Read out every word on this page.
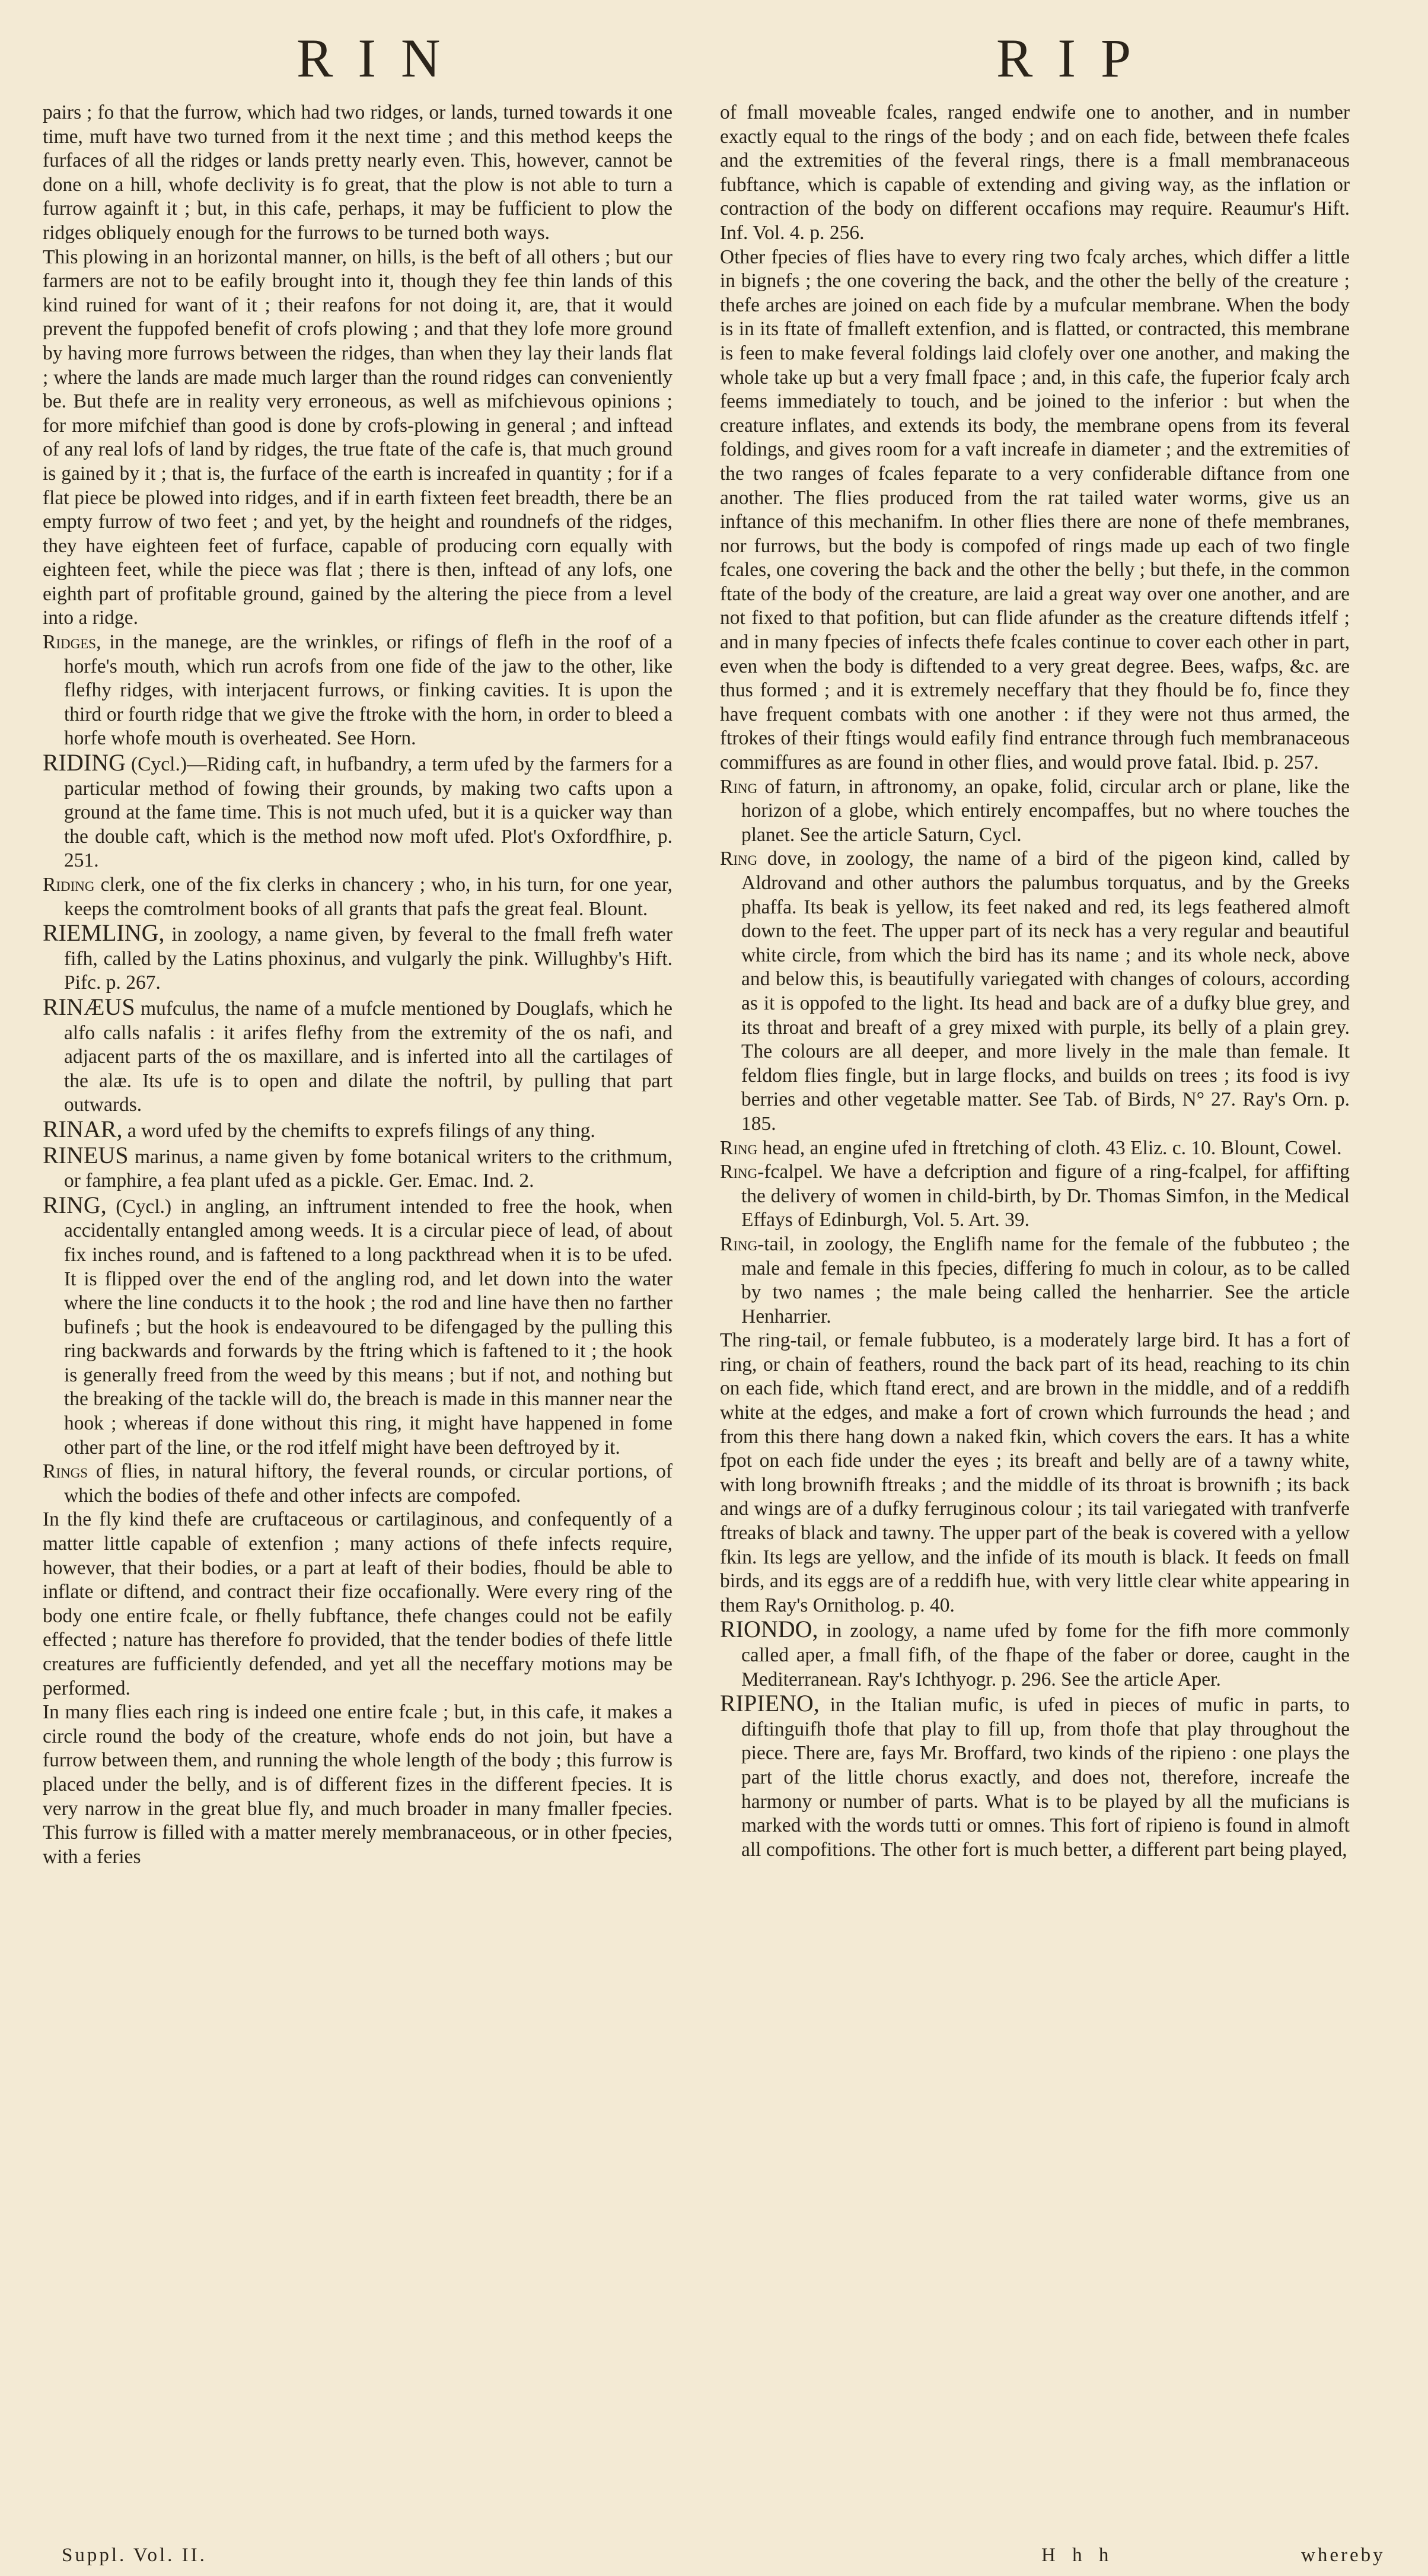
RIN	RIP

pairs ; fo that the furrow, which had two ridges, or lands, turned towards it one time, muft have two turned from it the next time ; and this method keeps the furfaces of all the ridges or lands pretty nearly even. This, however, cannot be done on a hill, whofe declivity is fo great, that the plow is not able to turn a furrow againft it ; but, in this cafe, perhaps, it may be fufficient to plow the ridges obliquely enough for the furrows to be turned both ways.

This plowing in an horizontal manner, on hills, is the beft of all others ; but our farmers are not to be eafily brought into it, though they fee thin lands of this kind ruined for want of it ; their reafons for not doing it, are, that it would prevent the fuppofed benefit of crofs plowing ; and that they lofe more ground by having more furrows between the ridges, than when they lay their lands flat ; where the lands are made much larger than the round ridges can conveniently be. But thefe are in reality very erroneous, as well as mifchievous opinions ; for more mifchief than good is done by crofs-plowing in general ; and inftead of any real lofs of land by ridges, the true ftate of the cafe is, that much ground is gained by it ; that is, the furface of the earth is increafed in quantity ; for if a flat piece be plowed into ridges, and if in earth fixteen feet breadth, there be an empty furrow of two feet ; and yet, by the height and roundnefs of the ridges, they have eighteen feet of furface, capable of producing corn equally with eighteen feet, while the piece was flat ; there is then, inftead of any lofs, one eighth part of profitable ground, gained by the altering the piece from a level into a ridge.

Ridges, in the manege, are the wrinkles, or rifings of flefh in the roof of a horfe's mouth, which run acrofs from one fide of the jaw to the other, like flefhy ridges, with interjacent furrows, or finking cavities. It is upon the third or fourth ridge that we give the ftroke with the horn, in order to bleed a horfe whofe mouth is overheated. See Horn.

RIDING (Cycl.)—Riding caft, in hufbandry, a term ufed by the farmers for a particular method of fowing their grounds, by making two cafts upon a ground at the fame time. This is not much ufed, but it is a quicker way than the double caft, which is the method now moft ufed. Plot's Oxfordfhire, p. 251.

Riding clerk, one of the fix clerks in chancery ; who, in his turn, for one year, keeps the comtrolment books of all grants that pafs the great feal. Blount.

RIEMLING, in zoology, a name given, by feveral to the fmall frefh water fifh, called by the Latins phoxinus, and vulgarly the pink. Willughby's Hift. Pifc. p. 267.

RINÆUS mufculus, the name of a mufcle mentioned by Douglafs, which he alfo calls nafalis : it arifes flefhy from the extremity of the os nafi, and adjacent parts of the os maxillare, and is inferted into all the cartilages of the alæ. Its ufe is to open and dilate the noftril, by pulling that part outwards.

RINAR, a word ufed by the chemifts to exprefs filings of any thing.

RINEUS marinus, a name given by fome botanical writers to the crithmum, or famphire, a fea plant ufed as a pickle. Ger. Emac. Ind. 2.

RING, (Cycl.) in angling, an inftrument intended to free the hook, when accidentally entangled among weeds. It is a circular piece of lead, of about fix inches round, and is faftened to a long packthread when it is to be ufed. It is flipped over the end of the angling rod, and let down into the water where the line conducts it to the hook ; the rod and line have then no farther bufinefs ; but the hook is endeavoured to be difengaged by the pulling this ring backwards and forwards by the ftring which is faftened to it ; the hook is generally freed from the weed by this means ; but if not, and nothing but the breaking of the tackle will do, the breach is made in this manner near the hook ; whereas if done without this ring, it might have happened in fome other part of the line, or the rod itfelf might have been deftroyed by it.

Rings of flies, in natural hiftory, the feveral rounds, or circular portions, of which the bodies of thefe and other infects are compofed.

In the fly kind thefe are cruftaceous or cartilaginous, and confequently of a matter little capable of extenfion ; many actions of thefe infects require, however, that their bodies, or a part at leaft of their bodies, fhould be able to inflate or diftend, and contract their fize occafionally. Were every ring of the body one entire fcale, or fhelly fubftance, thefe changes could not be eafily effected ; nature has therefore fo provided, that the tender bodies of thefe little creatures are fufficiently defended, and yet all the neceffary motions may be performed.

In many flies each ring is indeed one entire fcale ; but, in this cafe, it makes a circle round the body of the creature, whofe ends do not join, but have a furrow between them, and running the whole length of the body ; this furrow is placed under the belly, and is of different fizes in the different fpecies. It is very narrow in the great blue fly, and much broader in many fmaller fpecies. This furrow is filled with a matter merely membranaceous, or in other fpecies, with a feries

of fmall moveable fcales, ranged endwife one to another, and in number exactly equal to the rings of the body ; and on each fide, between thefe fcales and the extremities of the feveral rings, there is a fmall membranaceous fubftance, which is capable of extending and giving way, as the inflation or contraction of the body on different occafions may require. Reaumur's Hift. Inf. Vol. 4. p. 256.

Other fpecies of flies have to every ring two fcaly arches, which differ a little in bignefs ; the one covering the back, and the other the belly of the creature ; thefe arches are joined on each fide by a mufcular membrane. When the body is in its ftate of fmalleft extenfion, and is flatted, or contracted, this membrane is feen to make feveral foldings laid clofely over one another, and making the whole take up but a very fmall fpace ; and, in this cafe, the fuperior fcaly arch feems immediately to touch, and be joined to the inferior : but when the creature inflates, and extends its body, the membrane opens from its feveral foldings, and gives room for a vaft increafe in diameter ; and the extremities of the two ranges of fcales feparate to a very confiderable diftance from one another. The flies produced from the rat tailed water worms, give us an inftance of this mechanifm. In other flies there are none of thefe membranes, nor furrows, but the body is compofed of rings made up each of two fingle fcales, one covering the back and the other the belly ; but thefe, in the common ftate of the body of the creature, are laid a great way over one another, and are not fixed to that pofition, but can flide afunder as the creature diftends itfelf ; and in many fpecies of infects thefe fcales continue to cover each other in part, even when the body is diftended to a very great degree. Bees, wafps, &c. are thus formed ; and it is extremely neceffary that they fhould be fo, fince they have frequent combats with one another : if they were not thus armed, the ftrokes of their ftings would eafily find entrance through fuch membranaceous commiffures as are found in other flies, and would prove fatal. Ibid. p. 257.

Ring of faturn, in aftronomy, an opake, folid, circular arch or plane, like the horizon of a globe, which entirely encompaffes, but no where touches the planet. See the article Saturn, Cycl.

Ring dove, in zoology, the name of a bird of the pigeon kind, called by Aldrovand and other authors the palumbus torquatus, and by the Greeks phaffa. Its beak is yellow, its feet naked and red, its legs feathered almoft down to the feet. The upper part of its neck has a very regular and beautiful white circle, from which the bird has its name ; and its whole neck, above and below this, is beautifully variegated with changes of colours, according as it is oppofed to the light. Its head and back are of a dufky blue grey, and its throat and breaft of a grey mixed with purple, its belly of a plain grey. The colours are all deeper, and more lively in the male than female. It feldom flies fingle, but in large flocks, and builds on trees ; its food is ivy berries and other vegetable matter. See Tab. of Birds, N° 27. Ray's Orn. p. 185.

Ring head, an engine ufed in ftretching of cloth. 43 Eliz. c. 10. Blount, Cowel.

Ring-fcalpel. We have a defcription and figure of a ring-fcalpel, for affifting the delivery of women in child-birth, by Dr. Thomas Simfon, in the Medical Effays of Edinburgh, Vol. 5. Art. 39.

Ring-tail, in zoology, the Englifh name for the female of the fubbuteo ; the male and female in this fpecies, differing fo much in colour, as to be called by two names ; the male being called the henharrier. See the article Henharrier.

The ring-tail, or female fubbuteo, is a moderately large bird. It has a fort of ring, or chain of feathers, round the back part of its head, reaching to its chin on each fide, which ftand erect, and are brown in the middle, and of a reddifh white at the edges, and make a fort of crown which furrounds the head ; and from this there hang down a naked fkin, which covers the ears. It has a white fpot on each fide under the eyes ; its breaft and belly are of a tawny white, with long brownifh ftreaks ; and the middle of its throat is brownifh ; its back and wings are of a dufky ferruginous colour ; its tail variegated with tranfverfe ftreaks of black and tawny. The upper part of the beak is covered with a yellow fkin. Its legs are yellow, and the infide of its mouth is black. It feeds on fmall birds, and its eggs are of a reddifh hue, with very little clear white appearing in them Ray's Ornitholog. p. 40.

RIONDO, in zoology, a name ufed by fome for the fifh more commonly called aper, a fmall fifh, of the fhape of the faber or doree, caught in the Mediterranean. Ray's Ichthyogr. p. 296. See the article Aper.

RIPIENO, in the Italian mufic, is ufed in pieces of mufic in parts, to diftinguifh thofe that play to fill up, from thofe that play throughout the piece. There are, fays Mr. Broffard, two kinds of the ripieno : one plays the part of the little chorus exactly, and does not, therefore, increafe the harmony or number of parts. What is to be played by all the muficians is marked with the words tutti or omnes. This fort of ripieno is found in almoft all compofitions. The other fort is much better, a different part being played,

Suppl. Vol. II.	H h h	whereby
